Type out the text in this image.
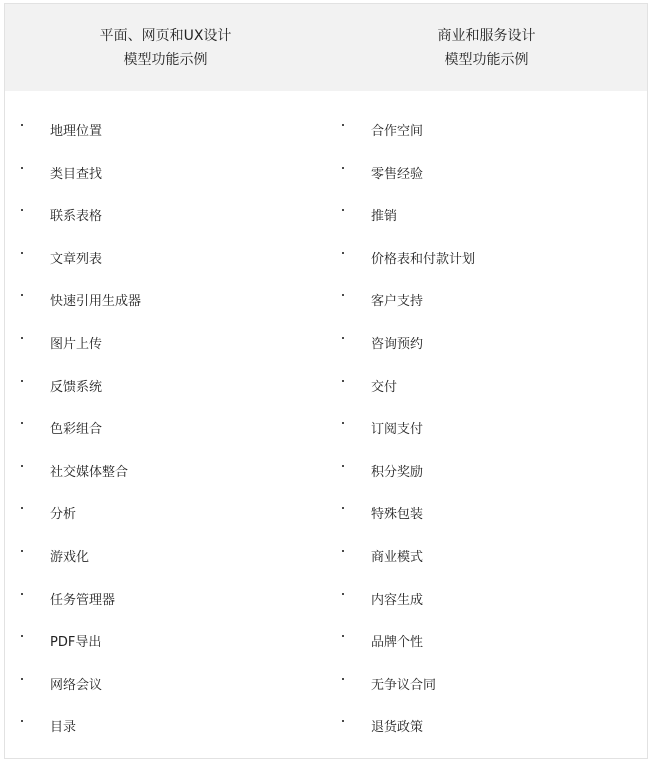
平面、网页和UX设计
模型功能示例
商业和服务设计
模型功能示例
地理位置
类目查找
联系表格
文章列表
快速引用生成器
图片上传
反馈系统
色彩组合
社交媒体整合
分析
游戏化
任务管理器
PDF导出
网络会议
目录
合作空间
零售经验
推销
价格表和付款计划
客户支持
咨询预约
交付
订阅支付
积分奖励
特殊包装
商业模式
内容生成
品牌个性
无争议合同
退货政策
